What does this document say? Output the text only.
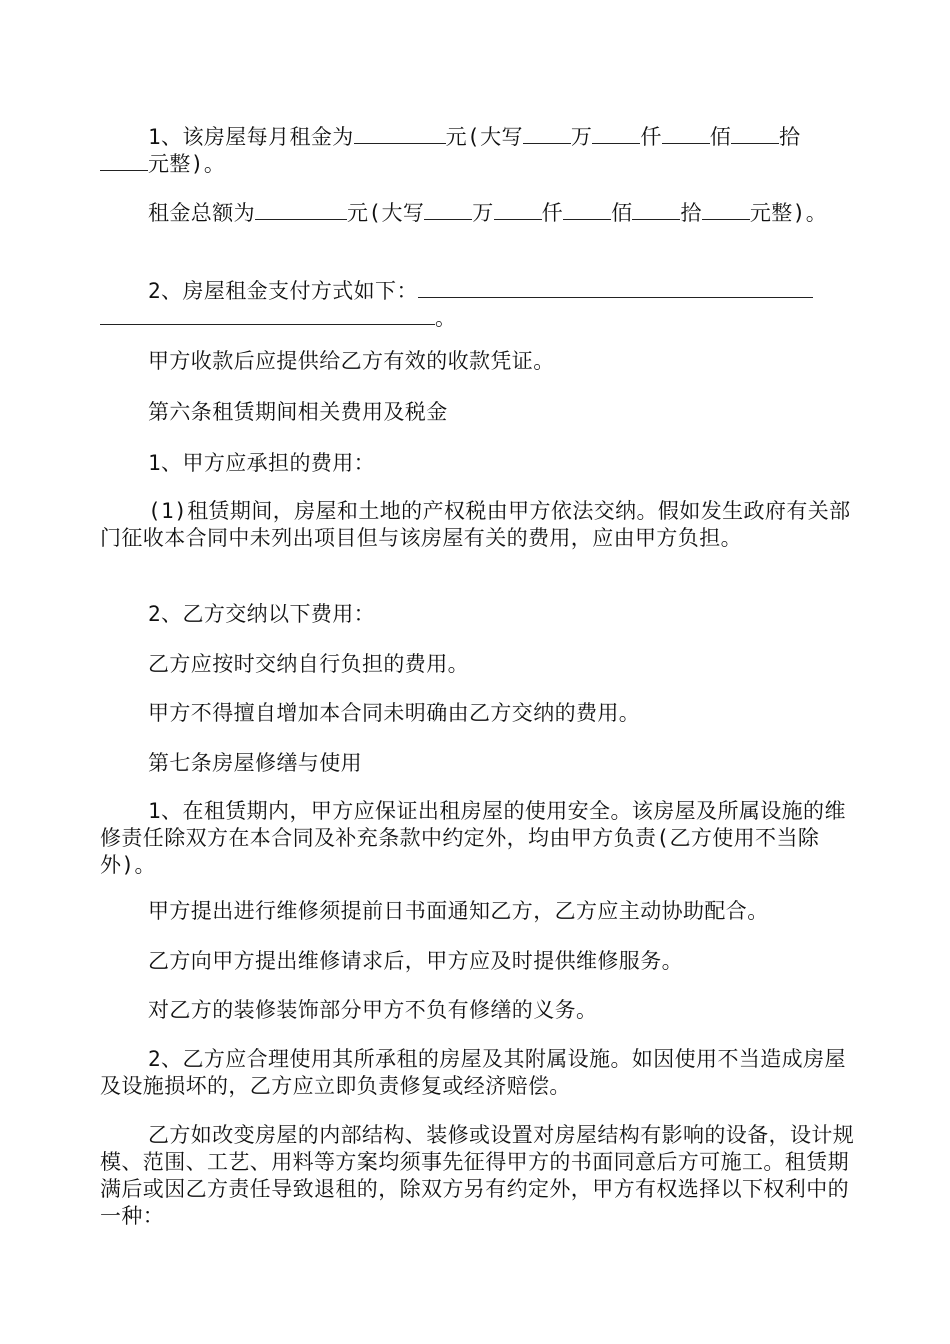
1、该房屋每月租金为	元(大写 万 仟 佰 拾
元整)。
租金总额为	元(大写 万 仟 佰 拾 元整)。
2、房屋租金支付方式如下：
。

甲方收款后应提供给乙方有效的收款凭证。

第六条租赁期间相关费用及税金

1、甲方应承担的费用：

(1)租赁期间，房屋和土地的产权税由甲方依法交纳。假如发生政府有关部门征收本合同中未列出项目但与该房屋有关的费用，应由甲方负担。

2、乙方交纳以下费用：

乙方应按时交纳自行负担的费用。

甲方不得擅自增加本合同未明确由乙方交纳的费用。

第七条房屋修缮与使用

1、在租赁期内，甲方应保证出租房屋的使用安全。该房屋及所属设施的维修责任除双方在本合同及补充条款中约定外，均由甲方负责(乙方使用不当除外)。

甲方提出进行维修须提前日书面通知乙方，乙方应主动协助配合。

乙方向甲方提出维修请求后，甲方应及时提供维修服务。

对乙方的装修装饰部分甲方不负有修缮的义务。

2、乙方应合理使用其所承租的房屋及其附属设施。如因使用不当造成房屋及设施损坏的，乙方应立即负责修复或经济赔偿。

乙方如改变房屋的内部结构、装修或设置对房屋结构有影响的设备，设计规模、范围、工艺、用料等方案均须事先征得甲方的书面同意后方可施工。租赁期满后或因乙方责任导致退租的，除双方另有约定外，甲方有权选择以下权利中的一种：
